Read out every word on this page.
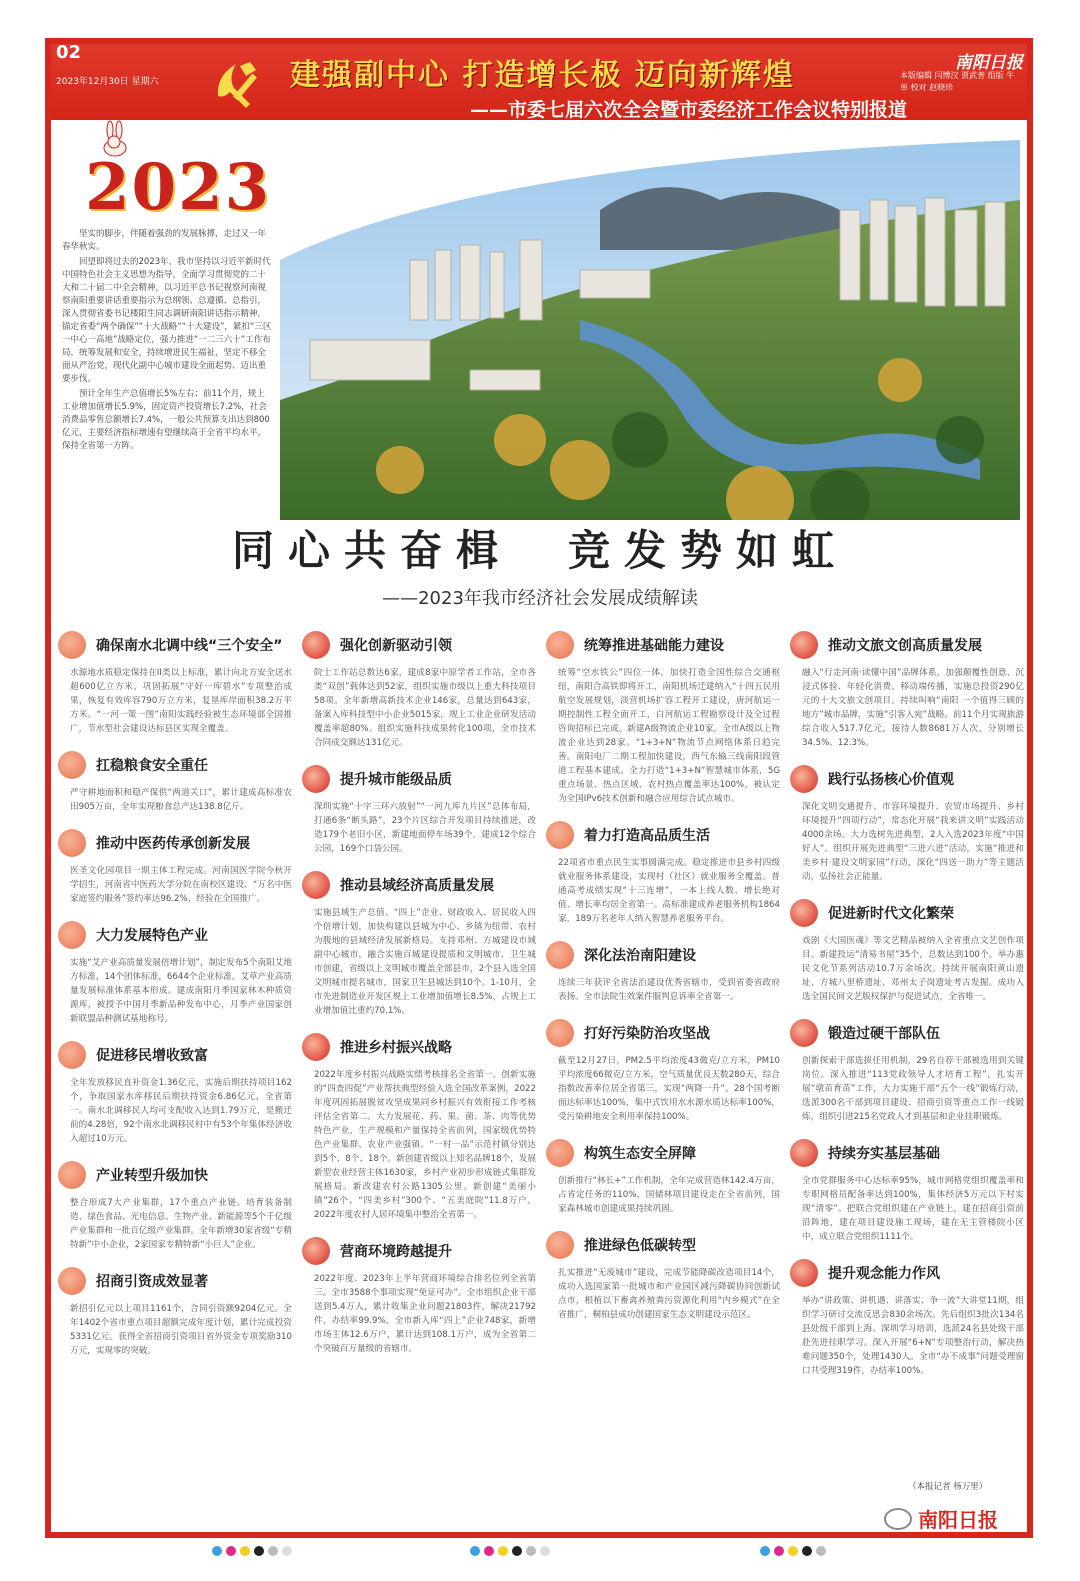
02
2023年12月30日 星期六	建强副中心 打造增长极 迈向新辉煌
——市委七届六次全会暨市委经济工作会议特别报道
南阳日报
本版编辑 闫博汉 贾武普 组版 牛 单 校对 赵晓珍
2023

坚实的脚步，伴随着强劲的发展脉搏，走过又一年春华秋实。

回望即将过去的2023年，我市坚持以习近平新时代中国特色社会主义思想为指导，全面学习贯彻党的二十大和二十届二中全会精神，以习近平总书记视察河南视察南阳重要讲话重要指示为总纲领、总遵循、总指引，深入贯彻省委书记楼阳生同志调研南阳讲话指示精神，锚定省委“两个确保”“十大战略”“十大建设”，紧扣“三区一中心一高地”战略定位，强力推进“一二三六十”工作布局，统筹发展和安全，持续增进民生福祉，坚定不移全面从严治党，现代化副中心城市建设全面起势、迈出重要步伐。

预计全年生产总值增长5%左右；前11个月，规上工业增加值增长5.9%，固定资产投资增长7.2%，社会消费品零售总额增长7.4%，一般公共预算支出达到800亿元，主要经济指标增速有望继续高于全省平均水平，保持全省第一方阵。

同心共奋楫　竞发势如虹
——2023年我市经济社会发展成绩解读
确保南水北调中线“三个安全”
水源地水质稳定保持在II类以上标准，累计向北方安全送水超600亿立方米，巩固拓展“守好一库碧水”专项整治成果，恢复有效库容790万立方米，复垦库岸面积38.2万平方米。“一河一策一图”南阳实践经验被生态环境部全国推广，节水型社会建设达标县区实现全覆盖。
扛稳粮食安全重任
严守耕地面积和稳产保供“两道关口”，累计建成高标准农田905万亩，全年实现粮食总产达138.8亿斤。
推动中医药传承创新发展
医圣文化园项目一期主体工程完成。河南国医学院今秋开学招生，河南省中医药大学分院在南校区建设、“万名中医家庭签约服务”签约率达96.2%，经验在全国推广。
大力发展特色产业
实施“艾产业高质量发展倍增计划”，制定发布5个南阳艾地方标准，14个团体标准，6644个企业标准。艾草产业高质量发展标准体系基本形成。建成南阳月季国家林木种质资源库，被授予中国月季新品种发布中心，月季产业国家创新联盟品种测试基地称号。
促进移民增收致富
全年发放移民直补资金1.36亿元，实施后期扶持项目162个，争取国家水库移民后期扶持资金6.86亿元，全省第一。南水北调移民人均可支配收入达到1.79万元，是搬迁前的4.28倍，92个南水北调移民村中有53个年集体经济收入超过10万元。
产业转型升级加快
整合形成7大产业集群，17个重点产业链。培育装备制造、绿色食品、光电信息、生物产业、新能源等5个千亿级产业集群和一批百亿级产业集群。全年新增30家省级“专精特新”中小企业，2家国家专精特新“小巨人”企业。
招商引资成效显著
新招引亿元以上项目1161个，合同引资额9204亿元。全年1402个省市重点项目超额完成年度计划，累计完成投资5331亿元。获得全省招商引资项目省外资金专项奖励310万元，实现零的突破。
强化创新驱动引领
院士工作站总数达6家，建成8家中原学者工作站，全市各类“双创”载体达到52家，组织实施市级以上重大科技项目58项。全年新增高新技术企业146家，总量达到643家，备案入库科技型中小企业5015家，规上工业企业研发活动覆盖率超80%。组织实施科技成果转化100项，全市技术合同成交额达131亿元。
提升城市能级品质
深圳实施“十字三环六放射”“一河九库九片区”总体布局，打通6条“断头路”，23个片区综合开发项目持续推进，改造179个老旧小区，新建地面停车场39个，建成12个综合公园，169个口袋公园。
推动县域经济高质量发展
实施县域生产总值、“四上”企业、财政收入、居民收入四个倍增计划，加快构建以县城为中心、乡镇为纽带、农村为腹地的县域经济发展新格局。支持邓州、方城建设市域副中心城市，融合实施百城建设提质和文明城市、卫生城市创建，省级以上文明城市覆盖全部县市，2个县入选全国文明城市提名城市，国家卫生县城达到10个。1-10月，全市先进制造业开发区规上工业增加值增长8.5%，占规上工业增加值比重约70.1%。
推进乡村振兴战略
2022年度乡村振兴战略实绩考核排名全省第一。创新实施的“四查四促”产业帮扶典型经验入选全国改革案例，2022年度巩固拓展脱贫攻坚成果同乡村振兴有效衔接工作考核评估全省第二。大力发展花、药、果、菌、茶、肉等优势特色产业，生产规模和产量保持全省前列，国家级优势特色产业集群、农业产业强镇、“一村一品”示范村镇分别达到5个、8个、18个。新创建省级以上知名品牌18个，发展新型农业经营主体1630家，乡村产业初步形成链式集群发展格局。新改建农村公路1305公里。新创建“美丽小镇”26个、“四美乡村”300个、“五美庭院”11.8万户。2022年度农村人居环境集中整治全省第一。
营商环境跨越提升
2022年度、2023年上半年营商环境综合排名位列全省第三。全市3588个事项实现“免证可办”。全市组织企业干部送到5.4万人，累计收集企业问题21803件，解决21792件，办结率99.9%。全市新入库“四上”企业748家，新增市场主体12.6万户，累计达到108.1万户，成为全省第二个突破百万量级的省辖市。
统筹推进基础能力建设
统筹“空水铁公”四位一体，加快打造全国性综合交通枢纽，南阳合高铁即将开工，南阳机场迁建纳入“十四五民用航空发展规划，淡营机场扩容工程开工建设，唐河航运一期控制性工程全面开工，白河航运工程勘察设计及全过程咨询招标已完成。新建A级物流企业10家，全市A级以上物流企业达到28家。“1+3+N”物流节点网络体系日趋完善。南阳电厂二期工程加快建设，西气东输三线南阳段管道工程基本建成。全力打造“1+3+N”智慧城市体系，5G重点场景、热点区域、农村热点覆盖率达100%，被认定为全国IPv6技术创新和融合应用综合试点城市。
着力打造高品质生活
22项省市重点民生实事圆满完成。稳定推进市县乡村四级就业服务体系建设，实现村（社区）就业服务全覆盖。普通高考成绩实现“十三连增”，一本上线人数、增长绝对值、增长率均居全省第一。高标准建成养老服务机构1864家，189万名老年人纳入智慧养老服务平台。
深化法治南阳建设
连续三年获评全省法治建设优秀省辖市，受到省委省政府表扬。全市法院生效案件服判息诉率全省第一。
打好污染防治攻坚战
截至12月27日，PM2.5平均浓度43微克/立方米，PM10平均浓度66微克/立方米，空气质量优良天数280天，综合指数改善率位居全省第三，实现“两降一升”。28个国考断面达标率达100%，集中式饮用水水源水质达标率100%，受污染耕地安全利用率保持100%。
构筑生态安全屏障
创新推行“林长+”工作机制，全年完成营造林142.4万亩，占省定任务的110%，国储林项目建设走在全省前列，国家森林城市创建成果持续巩固。
推进绿色低碳转型
扎实推进“无废城市”建设，完成节能降碳改造项目14个，成功入选国家第一批城市和产业园区减污降碳协同创新试点市，根植以下畜禽养殖粪污资源化利用“内乡模式”在全省推广，桐柏县成功创建国家生态文明建设示范区。
推动文旅文创高质量发展
融入“行走河南·读懂中国”品牌体系，加强颠覆性创意、沉浸式体验、年轻化消费、移动端传播，实施总投资290亿元的十大文旅文创项目。持续叫响“南阳 一个值得三顾的地方”城市品牌，实施“引客入宛”战略。前11个月实现旅游综合收入517.7亿元，接待人数8681万人次，分别增长34.5%、12.3%。
践行弘扬核心价值观
深化文明交通提升、市容环境提升、农贸市场提升、乡村环境提升“四项行动”，常态化开展“我来讲文明”实践活动4000余场。大力选树先进典型，2人入选2023年度“中国好人”。组织开展先进典型“三进六进”活动，实施“推进和美乡村·建设文明家园”行动，深化“四送一助力”等主题活动，弘扬社会正能量。
促进新时代文化繁荣
戏剧《大国医魂》等文艺精品被纳入全省重点文艺创作项目。新建投运“清易书屋”35个，总数达到100个。举办惠民文化节系列活动10.7万余场次。持续开展南阳黄山遗址、方城八里桥遗址、邓州太子岗遗址考古发掘。成功入选全国民间文艺版权保护与促进试点，全省唯一。
锻造过硬干部队伍
创新探索干部选拔任用机制，29名自荐干部被选用到关键岗位。深入推进“113党政领导人才培育工程”，扎实开展“墩苗育苗”工作，大力实施干部“五个一线”锻炼行动，选派300名干部到项目建设、招商引资等重点工作一线锻炼，组织引进215名党政人才到基层和企业挂职锻炼。
持续夯实基层基础
全市党群服务中心达标率95%，城市网格党组织覆盖率和专职网格员配备率达到100%，集体经济5万元以下村实现“清零”。把联合党组织建在产业链上，建在招商引资前沿阵地，建在项目建设施工现场，建在无主管楼院小区中，成立联合党组织1111个。
提升观念能力作风
举办“讲政策、讲机遇、讲落实、争一流”大讲堂11期，组织学习研讨交流反思会830余场次。先后组织3批次134名县处级干部到上海、深圳学习培训，选派24名县处级干部赴先进挂职学习。深入开展“6+N”专项整治行动，解决热难问题350个，处理1430人。全市“办不成事”问题受理窗口共受理319件，办结率100%。
（本报记者 杨万里）
南阳日报
